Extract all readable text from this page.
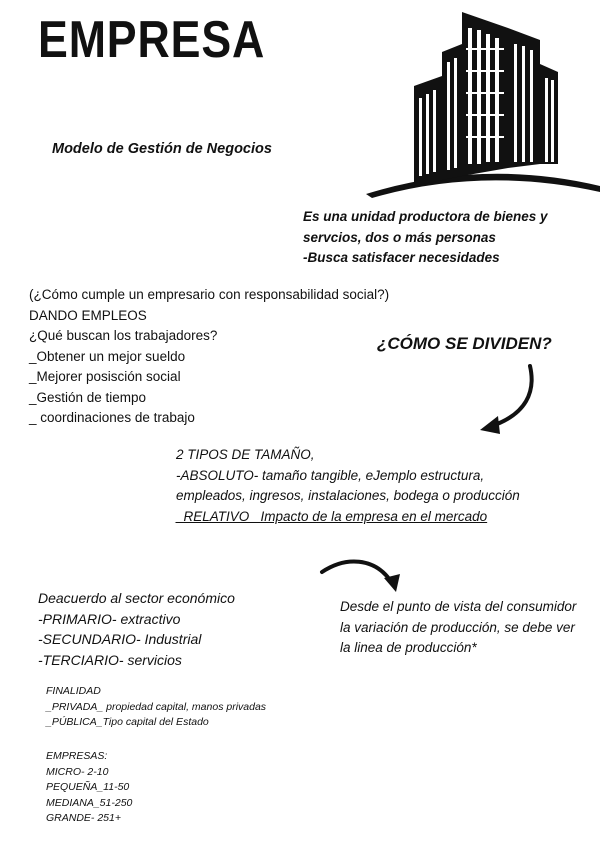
EMPRESA
Modelo de Gestión de Negocios
Es una unidad productora de bienes y
servcios, dos o más personas
-Busca satisfacer necesidades
(¿Cómo cumple un empresario con responsabilidad social?)
DANDO EMPLEOS
¿Qué buscan los trabajadores?
_Obtener un mejor sueldo
_Mejorer posisción social
_Gestión de tiempo
_ coordinaciones de trabajo
¿CÓMO SE DIVIDEN?
2 TIPOS DE TAMAÑO,
-ABSOLUTO- tamaño tangible, eJemplo estructura, empleados, ingresos, instalaciones, bodega o producción
_RELATIVO_ Impacto de la empresa en el mercado
Deacuerdo al sector económico
-PRIMARIO- extractivo
-SECUNDARIO- Industrial
-TERCIARIO- servicios
Desde el punto de vista del consumidor la variación de producción, se debe ver la linea de producción*
FINALIDAD
_PRIVADA_ propiedad capital, manos privadas
_PÚBLICA_Tipo capital del Estado
EMPRESAS:
MICRO- 2-10
PEQUEÑA_11-50
MEDIANA_51-250
GRANDE- 251+
